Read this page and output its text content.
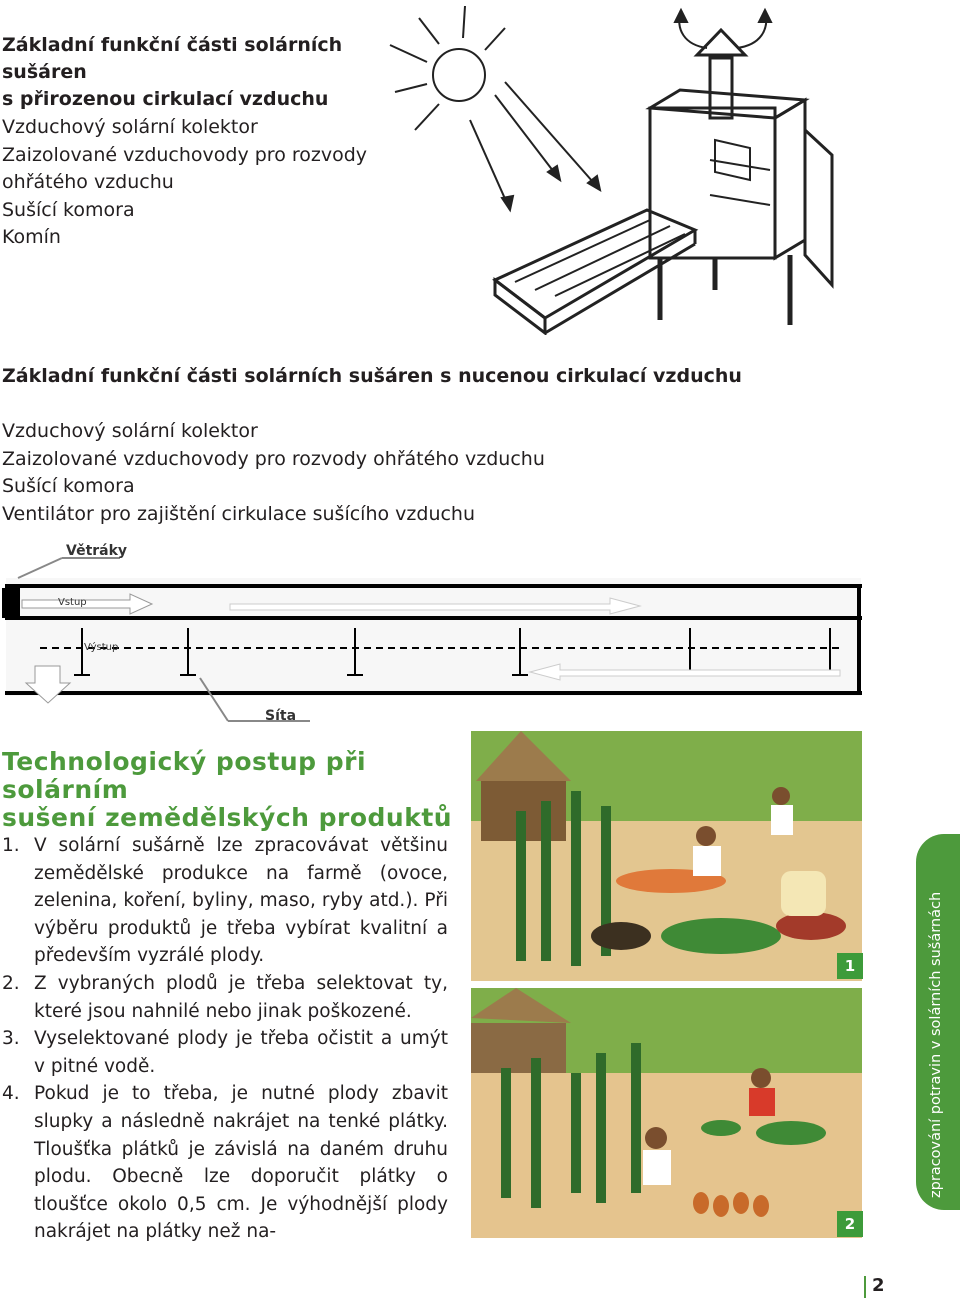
Základní funkční části solárních sušáren
s přirozenou cirkulací vzduchu
Vzduchový solární kolektor
Zaizolované vzduchovody pro rozvody
ohřátého vzduchu
Sušící komora
Komín
Základní funkční části solárních sušáren s nucenou cirkulací vzduchu
Vzduchový solární kolektor
Zaizolované vzduchovody pro rozvody ohřátého vzduchu
Sušící komora
Ventilátor pro zajištění cirkulace sušícího vzduchu
Větráky
Vstup
Výstup
Síta
Technologický postup při solárním
sušení zemědělských produktů
1. V solární sušárně lze zpracovávat většinu zemědělské produkce na farmě (ovoce, zelenina, koření, byliny, maso, ryby atd.). Při výběru produktů je třeba vybírat kvalitní a především vyzrálé plody.
2. Z vybraných plodů je třeba selektovat ty, které jsou nahnilé nebo jinak poškozené.
3. Vyselektované plody je třeba očistit a umýt v pitné vodě.
4. Pokud je to třeba, je nutné plody zbavit slupky a následně nakrájet na tenké plátky. Tloušťka plátků je závislá na daném druhu plodu. Obecně lze doporučit plátky o tloušťce okolo 0,5 cm. Je výhodnější plody nakrájet na plátky než na-
1
2
zpracování potravin v solárních sušárnách
2
